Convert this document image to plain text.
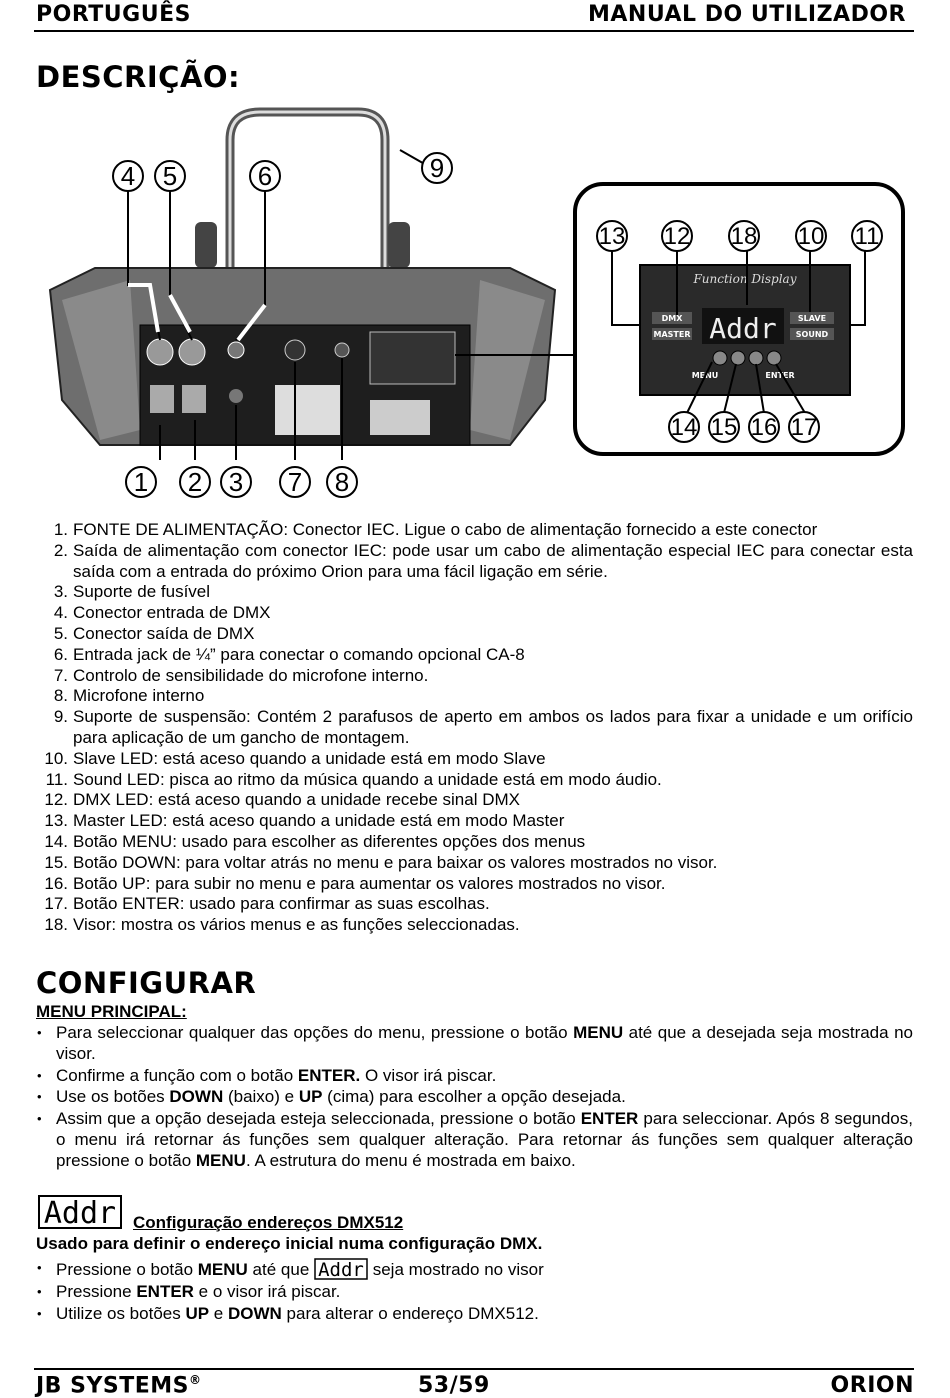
PORTUGUÊS	MANUAL DO UTILIZADOR
DESCRIÇÃO:
4 5	6	9
1 2 3 7 8
Function Display
DMX
MASTER
SLAVE
SOUND
MENU	ENTER
Addr
13 12 18 10 11
14 15 16 17
1. FONTE DE ALIMENTAÇÃO: Conector IEC. Ligue o cabo de alimentação fornecido a este conector
2. Saída de alimentação com conector IEC: pode usar um cabo de alimentação especial IEC para conectar esta saída com a entrada do próximo Orion para uma fácil ligação em série.
3. Suporte de fusível
4. Conector entrada de DMX
5. Conector saída de DMX
6. Entrada jack de ¼” para conectar o comando opcional CA-8
7. Controlo de sensibilidade do microfone interno.
8. Microfone interno
9. Suporte de suspensão: Contém 2 parafusos de aperto em ambos os lados para fixar a unidade e um orifício para aplicação de um gancho de montagem.
10. Slave LED: está aceso quando a unidade está em modo Slave
11. Sound LED: pisca ao ritmo da música quando a unidade está em modo áudio.
12. DMX LED: está aceso quando a unidade recebe sinal DMX
13. Master LED: está aceso quando a unidade está em modo Master
14. Botão MENU: usado para escolher as diferentes opções dos menus
15. Botão DOWN: para voltar atrás no menu e para baixar os valores mostrados no visor.
16. Botão UP: para subir no menu e para aumentar os valores mostrados no visor.
17. Botão ENTER: usado para confirmar as suas escolhas.
18. Visor: mostra os vários menus e as funções seleccionadas.
CONFIGURAR
MENU PRINCIPAL:
• Para seleccionar qualquer das opções do menu, pressione o botão MENU até que a desejada seja mostrada no visor.
• Confirme a função com o botão ENTER. O visor irá piscar.
• Use os botões DOWN (baixo) e UP (cima) para escolher a opção desejada.
• Assim que a opção desejada esteja seleccionada, pressione o botão ENTER para seleccionar. Após 8 segundos, o menu irá retornar ás funções sem qualquer alteração. Para retornar ás funções sem qualquer alteração pressione o botão MENU. A estrutura do menu é mostrada em baixo.
Addr Configuração endereços DMX512
Usado para definir o endereço inicial numa configuração DMX.
• Pressione o botão MENU até que Addr seja mostrado no visor
• Pressione ENTER e o visor irá piscar.
• Utilize os botões UP e DOWN para alterar o endereço DMX512.
JB SYSTEMS®	53/59	ORION
